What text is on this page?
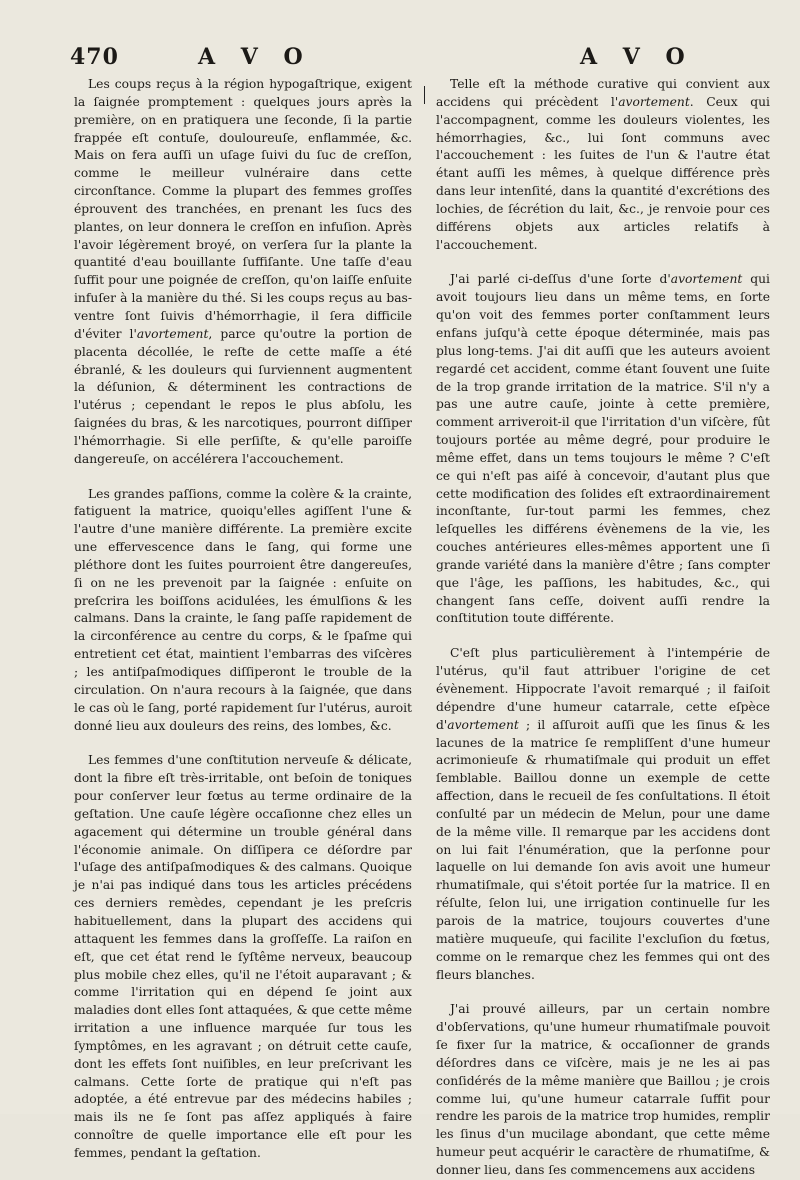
470	A V O	A V O

Les coups reçus à la région hypogaſtrique, exigent la ſaignée promptement : quelques jours après la première, on en pratiquera une ſeconde, ſi la partie frappée eſt contuſe, douloureuſe, enflammée, &c. Mais on fera auſſi un uſage ſuivi du ſuc de creſſon, comme le meilleur vulnéraire dans cette circonſtance. Comme la plupart des femmes groſſes éprouvent des tranchées, en prenant les ſucs des plantes, on leur donnera le creſſon en infuſion. Après l'avoir légèrement broyé, on verſera ſur la plante la quantité d'eau bouillante ſuffiſante. Une taſſe d'eau ſuffit pour une poignée de creſſon, qu'on laiſſe enſuite infuſer à la manière du thé. Si les coups reçus au bas-ventre ſont ſuivis d'hémorrhagie, il ſera difficile d'éviter l'avortement, parce qu'outre la portion de placenta décollée, le reſte de cette maſſe a été ébranlé, & les douleurs qui ſurviennent augmentent la déſunion, & déterminent les contractions de l'utérus ; cependant le repos le plus abſolu, les ſaignées du bras, & les narcotiques, pourront diſſiper l'hémorrhagie. Si elle perſiſte, & qu'elle paroiſſe dangereuſe, on accélérera l'accouchement.

Les grandes paſſions, comme la colère & la crainte, fatiguent la matrice, quoiqu'elles agiſſent l'une & l'autre d'une manière différente. La première excite une effervescence dans le ſang, qui forme une pléthore dont les ſuites pourroient être dangereuſes, ſi on ne les prevenoit par la ſaignée : enſuite on preſcrira les boiſſons acidulées, les émulſions & les calmans. Dans la crainte, le ſang paſſe rapidement de la circonférence au centre du corps, & le ſpaſme qui entretient cet état, maintient l'embarras des viſcères ; les antiſpaſmodiques diſſiperont le trouble de la circulation. On n'aura recours à la ſaignée, que dans le cas où le ſang, porté rapidement ſur l'utérus, auroit donné lieu aux douleurs des reins, des lombes, &c.

Les femmes d'une conſtitution nerveuſe & délicate, dont la fibre eſt très-irritable, ont beſoin de toniques pour conſerver leur fœtus au terme ordinaire de la geſtation. Une cauſe légère occaſionne chez elles un agacement qui détermine un trouble général dans l'économie animale. On diſſipera ce déſordre par l'uſage des antiſpaſmodiques & des calmans. Quoique je n'ai pas indiqué dans tous les articles précédens ces derniers remèdes, cependant je les preſcris habituellement, dans la plupart des accidens qui attaquent les femmes dans la groſſeſſe. La raiſon en eſt, que cet état rend le ſyſtême nerveux, beaucoup plus mobile chez elles, qu'il ne l'étoit auparavant ; & comme l'irritation qui en dépend ſe joint aux maladies dont elles ſont attaquées, & que cette même irritation a une influence marquée ſur tous les ſymptômes, en les agravant ; on détruit cette cauſe, dont les effets ſont nuiſibles, en leur preſcrivant les calmans. Cette ſorte de pratique qui n'eſt pas adoptée, a été entrevue par des médecins habiles ; mais ils ne ſe ſont pas aſſez appliqués à faire connoître de quelle importance elle eſt pour les femmes, pendant la geſtation.

Telle eſt la méthode curative qui convient aux accidens qui précèdent l'avortement. Ceux qui l'accompagnent, comme les douleurs violentes, les hémorrhagies, &c., lui ſont communs avec l'accouchement : les ſuites de l'un & l'autre état étant auſſi les mêmes, à quelque différence près dans leur intenſité, dans la quantité d'excrétions des lochies, de ſécrétion du lait, &c., je renvoie pour ces différens objets aux articles relatifs à l'accouchement.

J'ai parlé ci-deſſus d'une ſorte d'avortement qui avoit toujours lieu dans un même tems, en ſorte qu'on voit des femmes porter conſtamment leurs enfans juſqu'à cette époque déterminée, mais pas plus long-tems. J'ai dit auſſi que les auteurs avoient regardé cet accident, comme étant ſouvent une ſuite de la trop grande irritation de la matrice. S'il n'y a pas une autre cauſe, jointe à cette première, comment arriveroit-il que l'irritation d'un viſcère, fût toujours portée au même degré, pour produire le même effet, dans un tems toujours le même ? C'eſt ce qui n'eſt pas aiſé à concevoir, d'autant plus que cette modification des ſolides eſt extraordinairement inconſtante, ſur-tout parmi les femmes, chez leſquelles les différens évènemens de la vie, les couches antérieures elles-mêmes apportent une ſi grande variété dans la manière d'être ; ſans compter que l'âge, les paſſions, les habitudes, &c., qui changent ſans ceſſe, doivent auſſi rendre la conſtitution toute différente.

C'eſt plus particulièrement à l'intempérie de l'utérus, qu'il faut attribuer l'origine de cet évènement. Hippocrate l'avoit remarqué ; il faiſoit dépendre d'une humeur catarrale, cette eſpèce d'avortement ; il aſſuroit auſſi que les ſinus & les lacunes de la matrice ſe rempliſſent d'une humeur acrimonieuſe & rhumatiſmale qui produit un effet ſemblable. Baillou donne un exemple de cette affection, dans le recueil de ſes conſultations. Il étoit conſulté par un médecin de Melun, pour une dame de la même ville. Il remarque par les accidens dont on lui fait l'énumération, que la perſonne pour laquelle on lui demande ſon avis avoit une humeur rhumatiſmale, qui s'étoit portée ſur la matrice. Il en réſulte, ſelon lui, une irrigation continuelle ſur les parois de la matrice, toujours couvertes d'une matière muqueuſe, qui facilite l'excluſion du fœtus, comme on le remarque chez les femmes qui ont des fleurs blanches.

J'ai prouvé ailleurs, par un certain nombre d'obſervations, qu'une humeur rhumatiſmale pouvoit ſe fixer ſur la matrice, & occaſionner de grands déſordres dans ce viſcère, mais je ne les ai pas conſidérés de la même manière que Baillou ; je crois comme lui, qu'une humeur catarrale ſuffit pour rendre les parois de la matrice trop humides, remplir les ſinus d'un mucilage abondant, que cette même humeur peut acquérir le caractère de rhumatiſme, & donner lieu, dans ſes commencemens aux accidens
